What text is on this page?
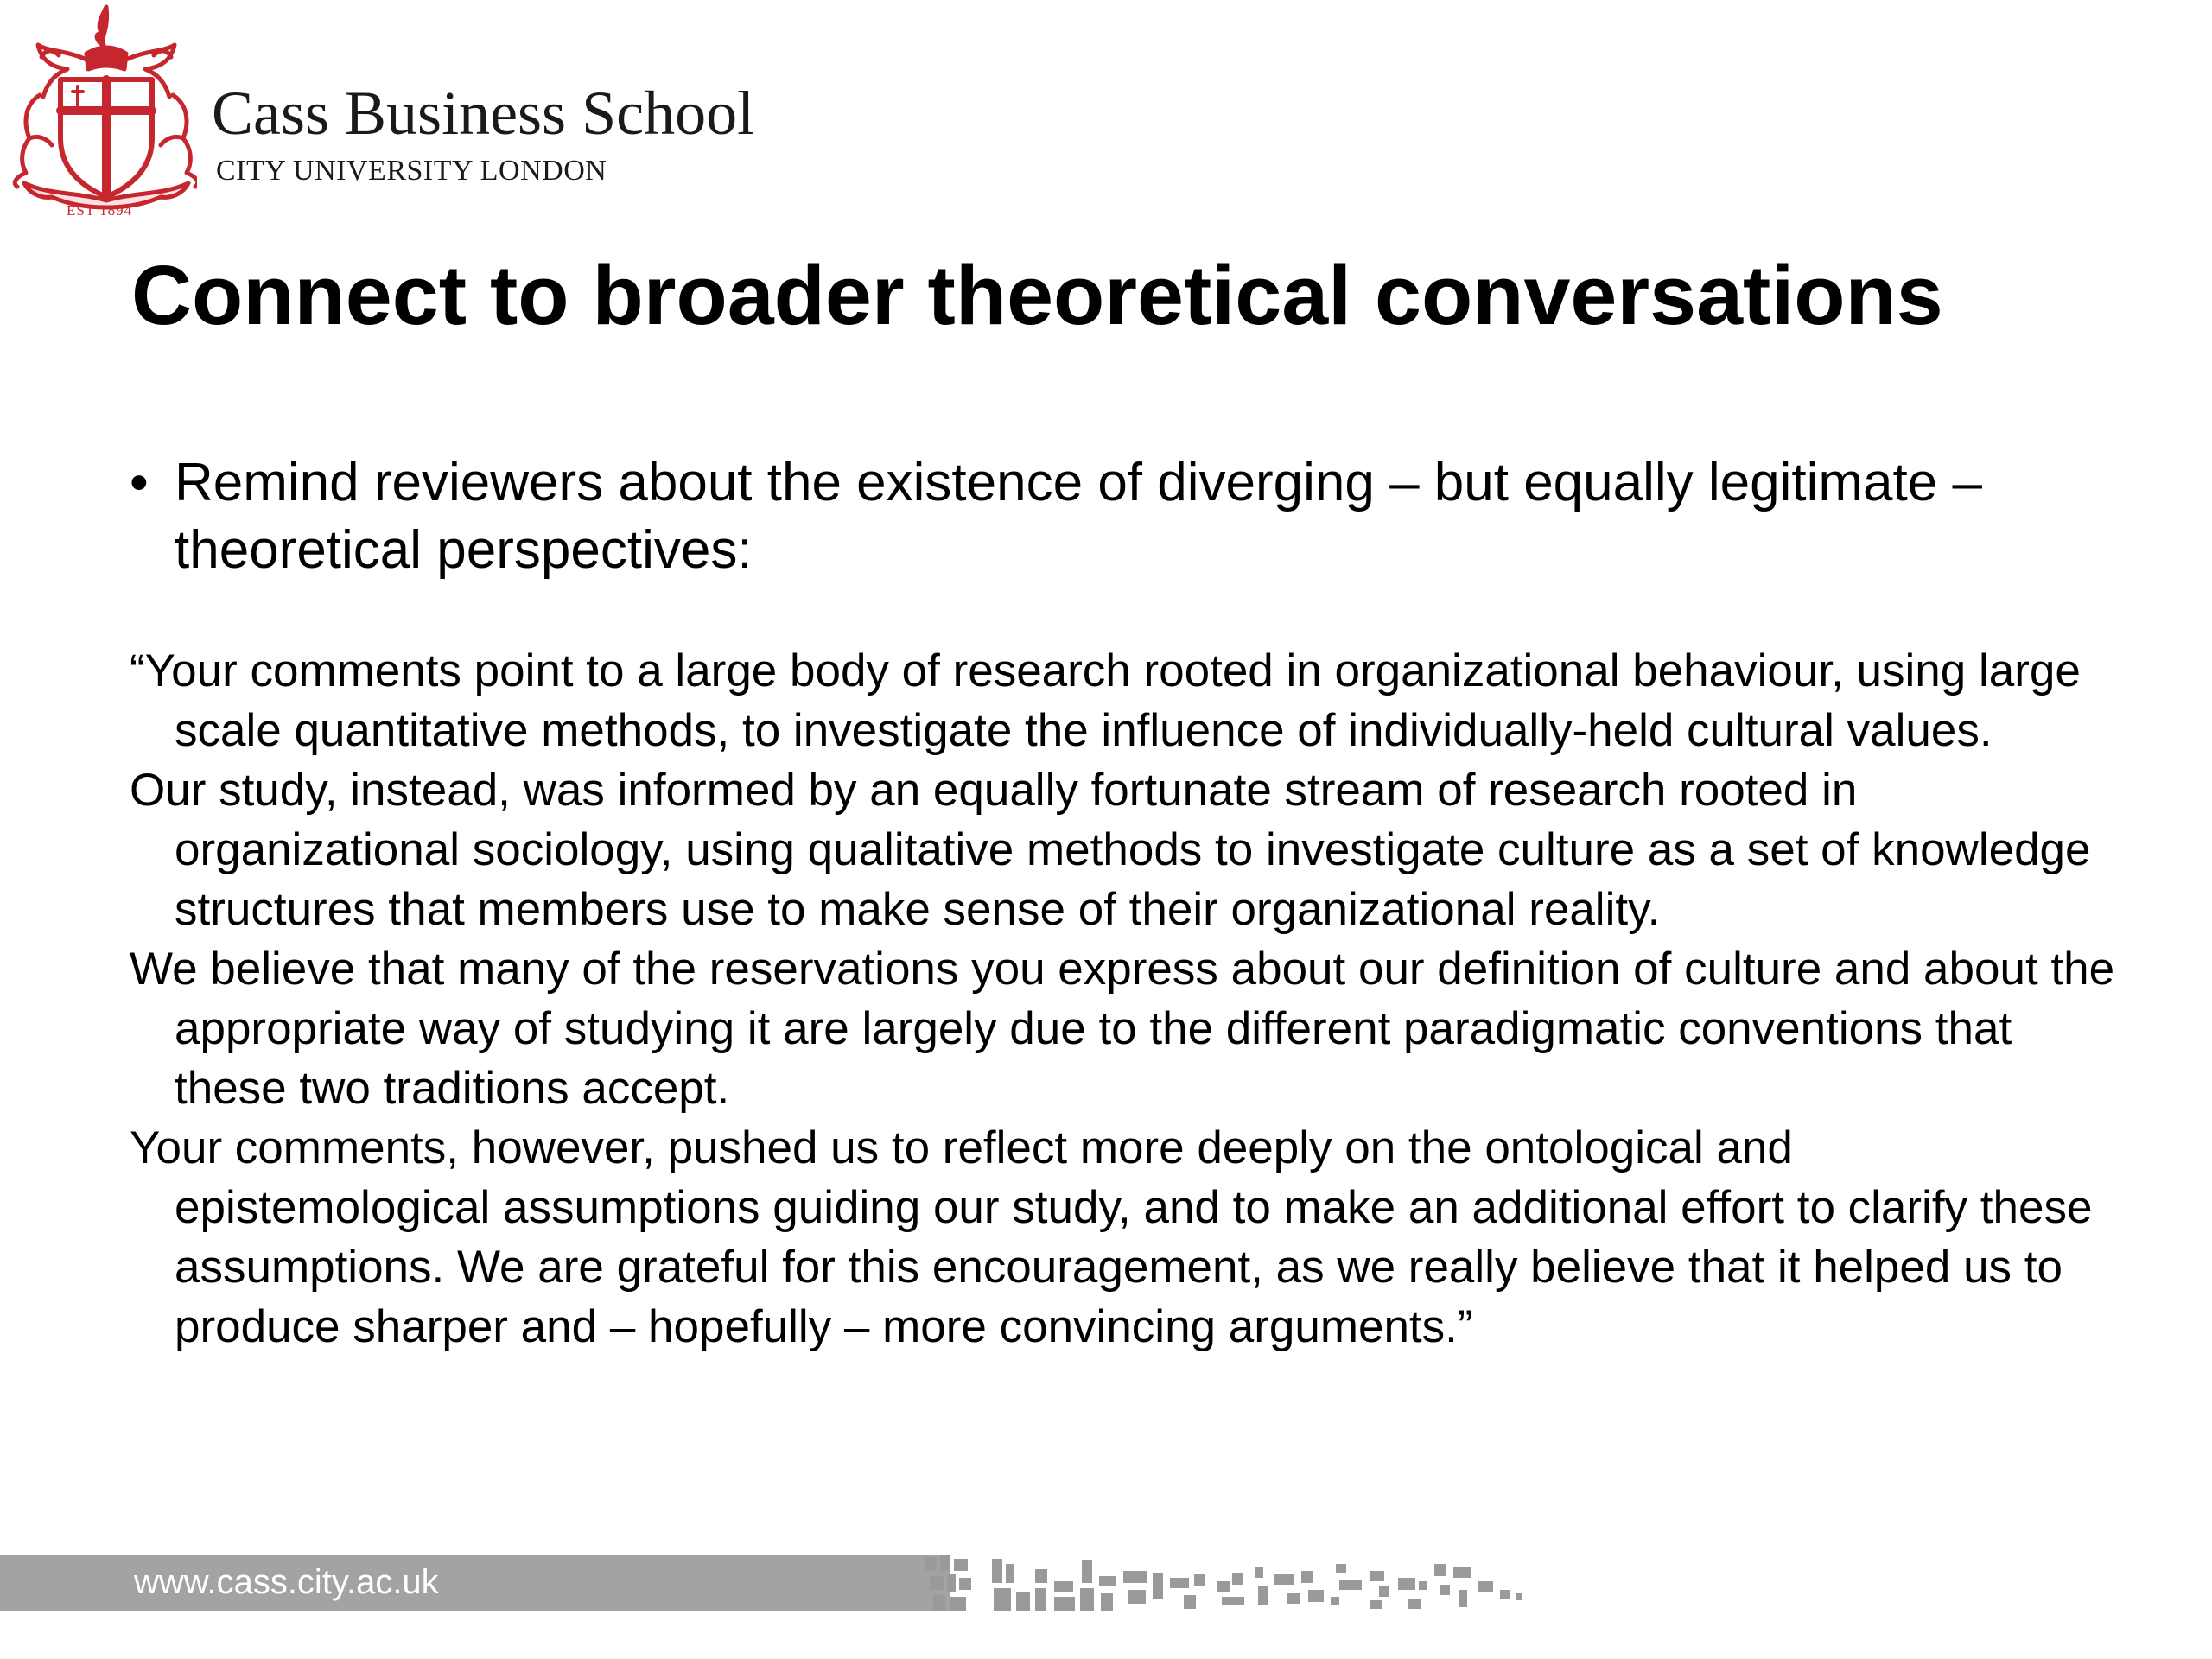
Cass Business School
CITY UNIVERSITY LONDON
EST 1894
Connect to broader theoretical conversations
• Remind reviewers about the existence of diverging – but equally legitimate – theoretical perspectives:

“Your comments point to a large body of research rooted in organizational behaviour, using large scale quantitative methods, to investigate the influence of individually-held cultural values.

Our study, instead, was informed by an equally fortunate stream of research rooted in organizational sociology, using qualitative methods to investigate culture as a set of knowledge structures that members use to make sense of their organizational reality.

We believe that many of the reservations you express about our definition of culture and about the appropriate way of studying it are largely due to the different paradigmatic conventions that these two traditions accept.

Your comments, however, pushed us to reflect more deeply on the ontological and epistemological assumptions guiding our study, and to make an additional effort to clarify these assumptions. We are grateful for this encouragement, as we really believe that it helped us to produce sharper and – hopefully – more convincing arguments.”

www.cass.city.ac.uk
